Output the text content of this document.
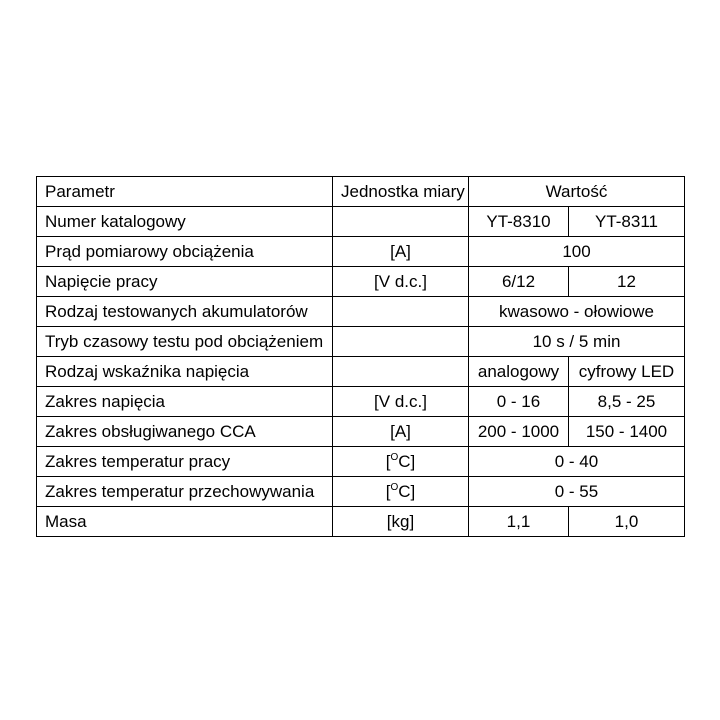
Parametr	Jednostka miary	Wartość	
Numer katalogowy		YT-8310	YT-8311
Prąd pomiarowy obciążenia	[A]	100	
Napięcie pracy	[V d.c.]	6/12	12
Rodzaj testowanych akumulatorów		kwasowo - ołowiowe	
Tryb czasowy testu pod obciążeniem		10 s / 5 min	
Rodzaj wskaźnika napięcia		analogowy	cyfrowy LED
Zakres napięcia	[V d.c.]	0 - 16	8,5 - 25
Zakres obsługiwanego CCA	[A]	200 - 1000	150 - 1400
Zakres temperatur pracy	[$^O$C]	0 - 40	
Zakres temperatur przechowywania	[$^O$C]	0 - 55	
Masa	[kg]	1,1	1,0
